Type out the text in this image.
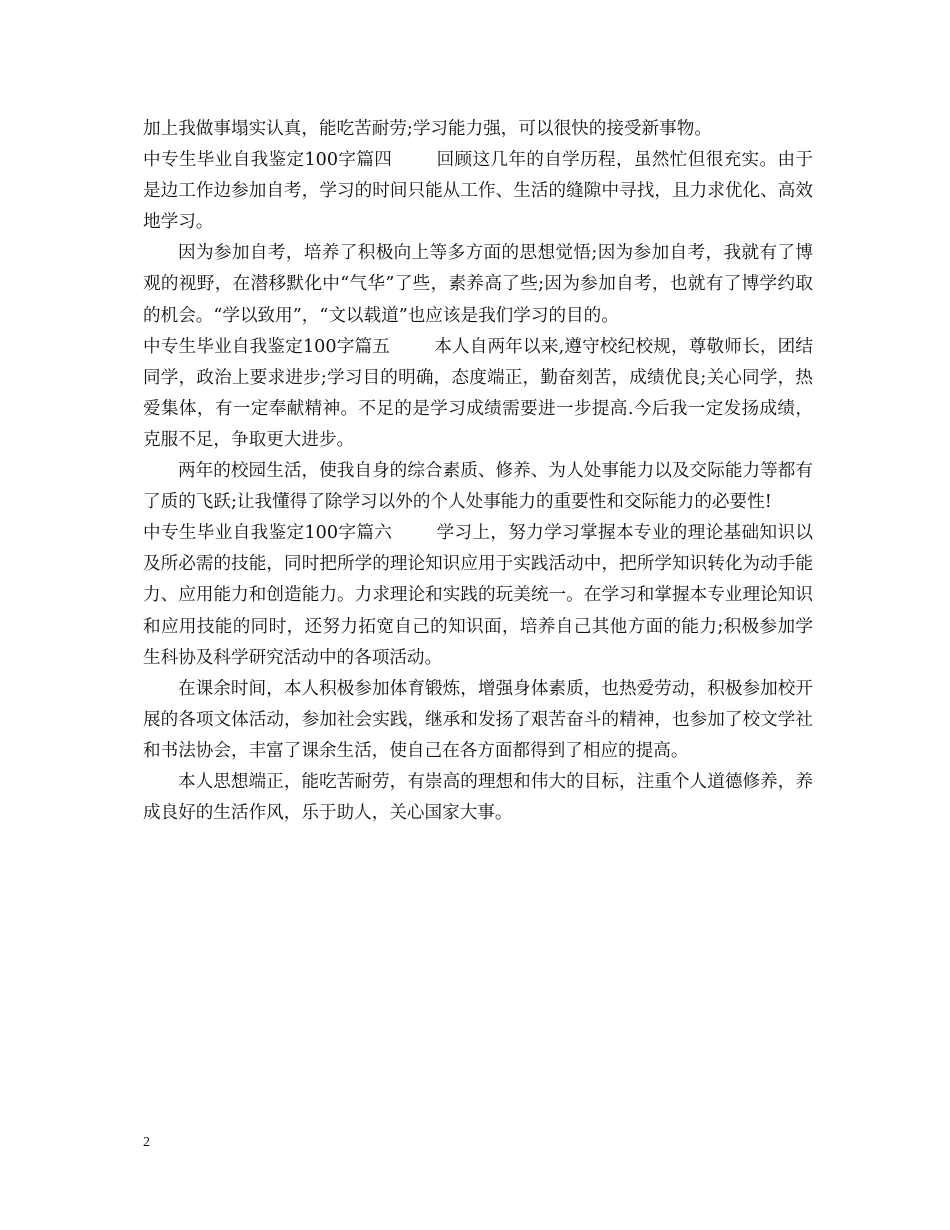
加上我做事塌实认真，能吃苦耐劳;学习能力强，可以很快的接受新事物。

中专生毕业自我鉴定100字篇四	回顾这几年的自学历程，虽然忙但很充实。由于是边工作边参加自考，学习的时间只能从工作、生活的缝隙中寻找，且力求优化、高效地学习。

因为参加自考，培养了积极向上等多方面的思想觉悟;因为参加自考，我就有了博观的视野，在潜移默化中“气华”了些，素养高了些;因为参加自考，也就有了博学约取的机会。“学以致用”，“文以载道”也应该是我们学习的目的。

中专生毕业自我鉴定100字篇五	本人自两年以来,遵守校纪校规，尊敬师长，团结同学，政治上要求进步;学习目的明确，态度端正，勤奋刻苦，成绩优良;关心同学，热爱集体，有一定奉献精神。不足的是学习成绩需要进一步提高.今后我一定发扬成绩，克服不足，争取更大进步。

两年的校园生活，使我自身的综合素质、修养、为人处事能力以及交际能力等都有了质的飞跃;让我懂得了除学习以外的个人处事能力的重要性和交际能力的必要性!

中专生毕业自我鉴定100字篇六	学习上，努力学习掌握本专业的理论基础知识以及所必需的技能，同时把所学的理论知识应用于实践活动中，把所学知识转化为动手能力、应用能力和创造能力。力求理论和实践的玩美统一。在学习和掌握本专业理论知识和应用技能的同时，还努力拓宽自己的知识面，培养自己其他方面的能力;积极参加学生科协及科学研究活动中的各项活动。

在课余时间，本人积极参加体育锻炼，增强身体素质，也热爱劳动，积极参加校开展的各项文体活动，参加社会实践，继承和发扬了艰苦奋斗的精神，也参加了校文学社和书法协会，丰富了课余生活，使自己在各方面都得到了相应的提高。

本人思想端正，能吃苦耐劳，有崇高的理想和伟大的目标，注重个人道德修养，养成良好的生活作风，乐于助人，关心国家大事。

2
